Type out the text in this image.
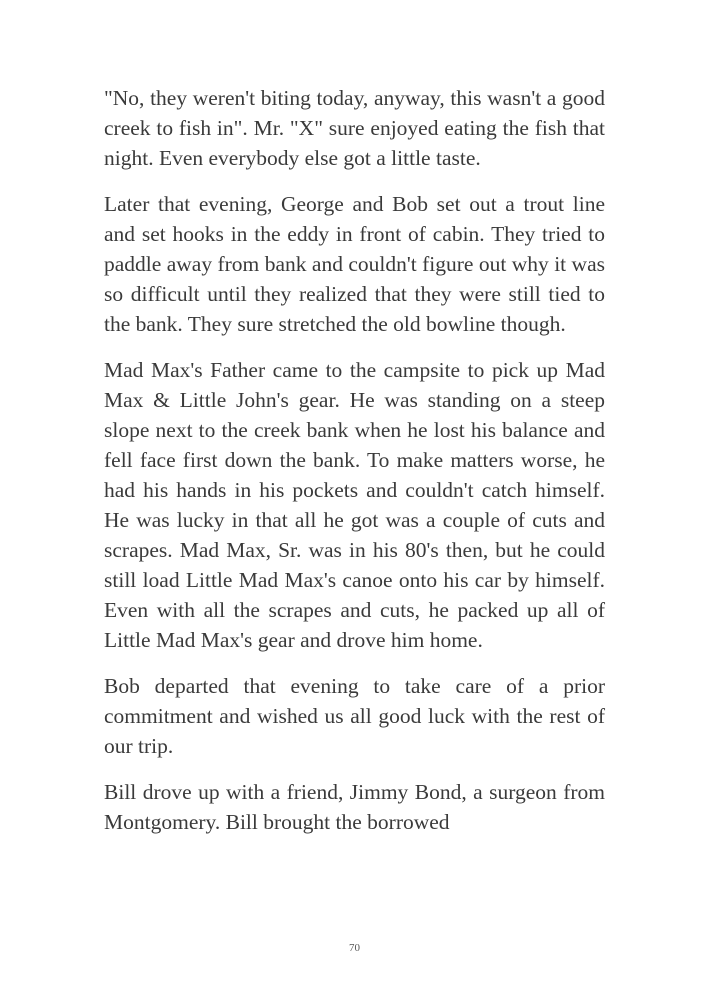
"No, they weren't biting today, anyway, this wasn't a good creek to fish in". Mr. "X" sure enjoyed eating the fish that night. Even everybody else got a little taste.

Later that evening, George and Bob set out a trout line and set hooks in the eddy in front of cabin. They tried to paddle away from bank and couldn't figure out why it was so difficult until they realized that they were still tied to the bank. They sure stretched the old bowline though.

Mad Max's Father came to the campsite to pick up Mad Max & Little John's gear. He was standing on a steep slope next to the creek bank when he lost his balance and fell face first down the bank. To make matters worse, he had his hands in his pockets and couldn't catch himself. He was lucky in that all he got was a couple of cuts and scrapes. Mad Max, Sr. was in his 80's then, but he could still load Little Mad Max's canoe onto his car by himself. Even with all the scrapes and cuts, he packed up all of Little Mad Max's gear and drove him home.

Bob departed that evening to take care of a prior commitment and wished us all good luck with the rest of our trip.

Bill drove up with a friend, Jimmy Bond, a surgeon from Montgomery. Bill brought the borrowed

70
